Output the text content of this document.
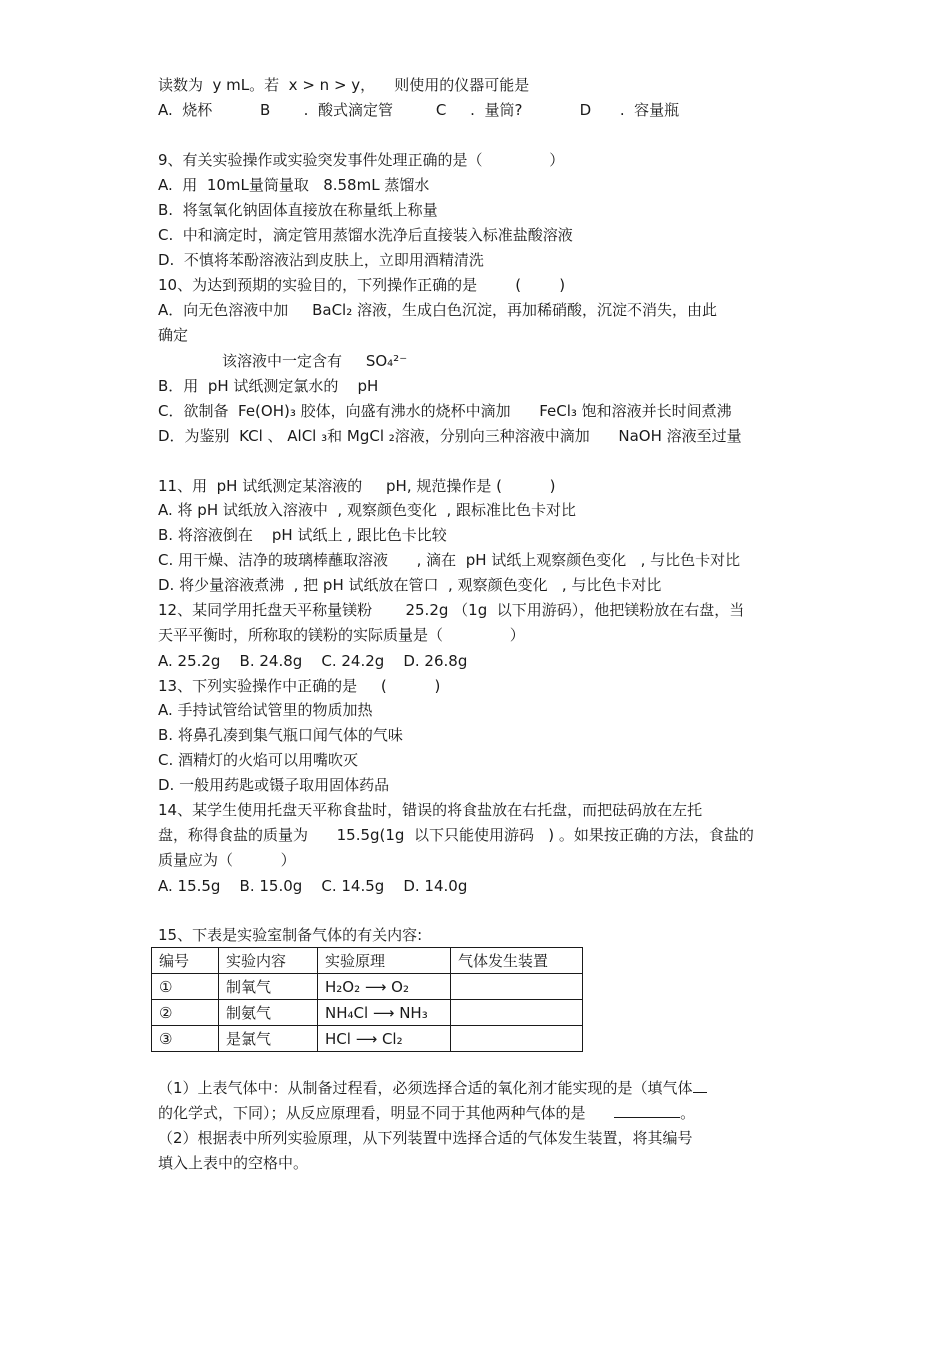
读数为  y mL。若  x > n > y，    则使用的仪器可能是
A.  烧杯          B       .  酸式滴定管         C     .  量筒?            D      .  容量瓶
9、有关实验操作或实验突发事件处理正确的是（              ）
A.  用  10mL量筒量取   8.58mL 蒸馏水
B.  将氢氧化钠固体直接放在称量纸上称量
C.  中和滴定时，滴定管用蒸馏水洗净后直接装入标准盐酸溶液
D.  不慎将苯酚溶液沾到皮肤上，立即用酒精清洗
10、为达到预期的实验目的，下列操作正确的是        (        )
A．向无色溶液中加     BaCl₂ 溶液，生成白色沉淀，再加稀硝酸，沉淀不消失，由此
确定
该溶液中一定含有     SO₄²⁻
B．用  pH 试纸测定氯水的    pH
C．欲制备  Fe(OH)₃ 胶体，向盛有沸水的烧杯中滴加      FeCl₃ 饱和溶液并长时间煮沸
D．为鉴别  KCl 、 AlCl ₃和 MgCl ₂溶液，分别向三种溶液中滴加      NaOH 溶液至过量
11、用  pH 试纸测定某溶液的     pH, 规范操作是 (          )
A. 将 pH 试纸放入溶液中  , 观察颜色变化  , 跟标准比色卡对比
B. 将溶液倒在    pH 试纸上 , 跟比色卡比较
C. 用干燥、洁净的玻璃棒蘸取溶液      , 滴在  pH 试纸上观察颜色变化   , 与比色卡对比
D. 将少量溶液煮沸  , 把 pH 试纸放在管口  , 观察颜色变化   , 与比色卡对比
12、某同学用托盘天平称量镁粉       25.2g （1g  以下用游码），他把镁粉放在右盘，当
天平平衡时，所称取的镁粉的实际质量是（              ）
A. 25.2g    B. 24.8g    C. 24.2g    D. 26.8g
13、下列实验操作中正确的是     (          )
A. 手持试管给试管里的物质加热
B. 将鼻孔凑到集气瓶口闻气体的气味
C. 酒精灯的火焰可以用嘴吹灭
D. 一般用药匙或镊子取用固体药品
14、某学生使用托盘天平称食盐时，错误的将食盐放在右托盘，而把砝码放在左托
盘，称得食盐的质量为      15.5g(1g  以下只能使用游码   ) 。如果按正确的方法，食盐的
质量应为（          ）
A. 15.5g    B. 15.0g    C. 14.5g    D. 14.0g
15、下表是实验室制备气体的有关内容:
编号	实验内容	实验原理	气体发生装置
①	制氧气	H₂O₂ ⟶ O₂	
②	制氨气	NH₄Cl ⟶ NH₃	
③	是氯气	HCl ⟶ Cl₂	
（1）上表气体中：从制备过程看，必须选择合适的氧化剂才能实现的是（填气体
的化学式，下同）；从反应原理看，明显不同于其他两种气体的是	。
（2）根据表中所列实验原理，从下列装置中选择合适的气体发生装置，将其编号
填入上表中的空格中。
